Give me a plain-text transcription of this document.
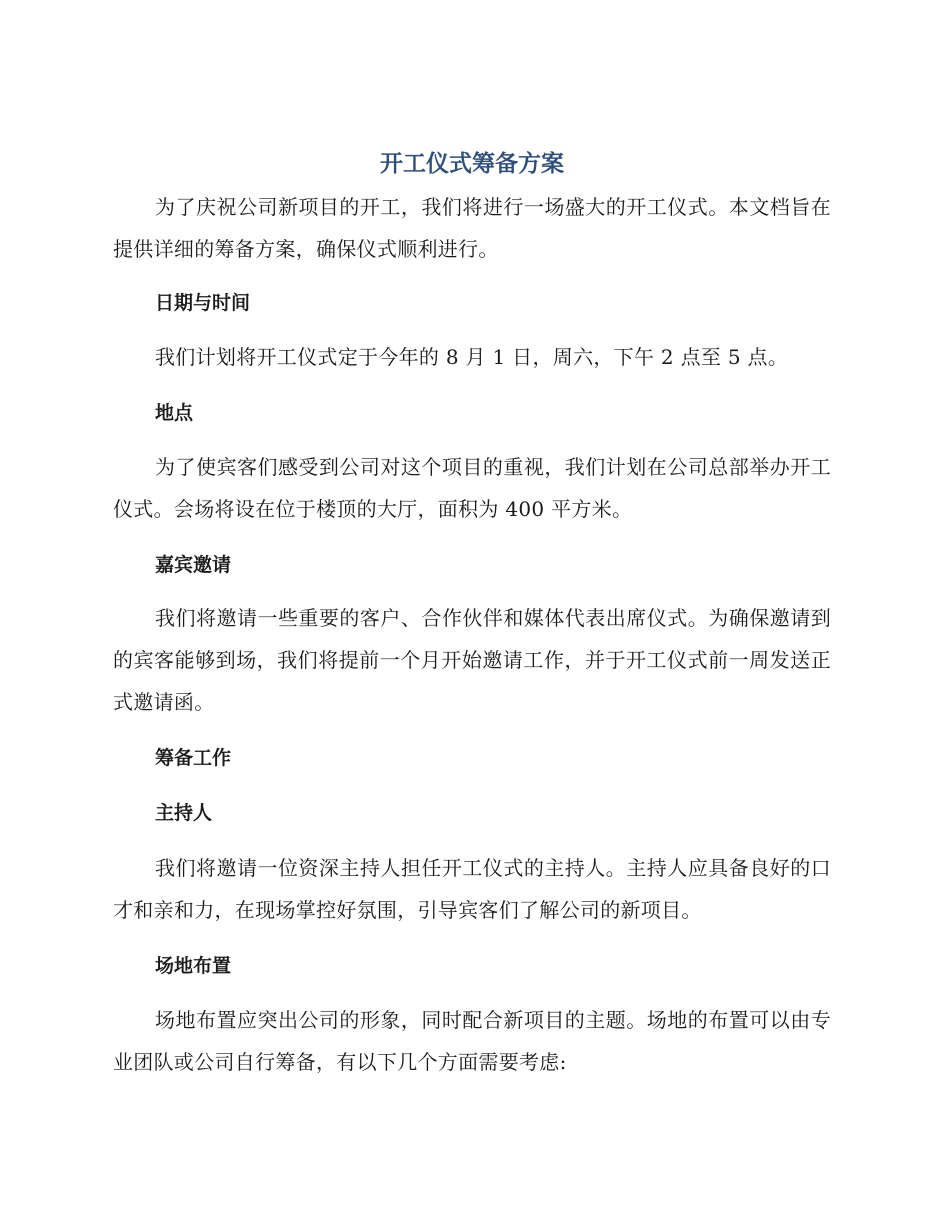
开工仪式筹备方案

为了庆祝公司新项目的开工，我们将进行一场盛大的开工仪式。本文档旨在提供详细的筹备方案，确保仪式顺利进行。

日期与时间

我们计划将开工仪式定于今年的 8 月 1 日，周六，下午 2 点至 5 点。

地点

为了使宾客们感受到公司对这个项目的重视，我们计划在公司总部举办开工仪式。会场将设在位于楼顶的大厅，面积为 400 平方米。

嘉宾邀请

我们将邀请一些重要的客户、合作伙伴和媒体代表出席仪式。为确保邀请到的宾客能够到场，我们将提前一个月开始邀请工作，并于开工仪式前一周发送正式邀请函。

筹备工作
主持人

我们将邀请一位资深主持人担任开工仪式的主持人。主持人应具备良好的口才和亲和力，在现场掌控好氛围，引导宾客们了解公司的新项目。

场地布置

场地布置应突出公司的形象，同时配合新项目的主题。场地的布置可以由专业团队或公司自行筹备，有以下几个方面需要考虑:
